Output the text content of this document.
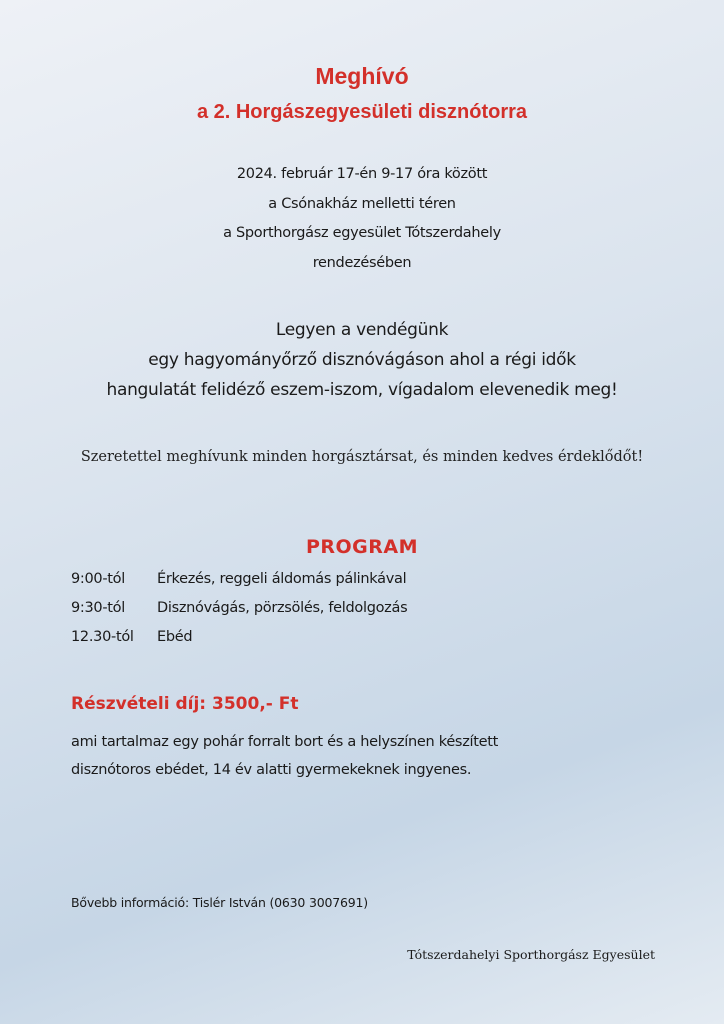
Meghívó
a 2. Horgászegyesületi disznótorra
2024. február 17-én 9-17 óra között
a Csónakház melletti téren
a Sporthorgász egyesület Tótszerdahely
rendezésében
Legyen a vendégünk
egy hagyományőrző disznóvágáson ahol a régi idők
hangulatát felidéző eszem-iszom, vígadalom elevenedik meg!
Szeretettel meghívunk minden horgásztársat, és minden kedves érdeklődőt!
PROGRAM
9:00-tól	Érkezés, reggeli áldomás pálinkával
9:30-tól	Disznóvágás, pörzsölés, feldolgozás
12.30-tól	Ebéd
Részvételi díj: 3500,- Ft
ami tartalmaz egy pohár forralt bort és a helyszínen készített
disznótoros ebédet, 14 év alatti gyermekeknek ingyenes.
Bővebb információ: Tislér István (0630 3007691)
Tótszerdahelyi Sporthorgász Egyesület
